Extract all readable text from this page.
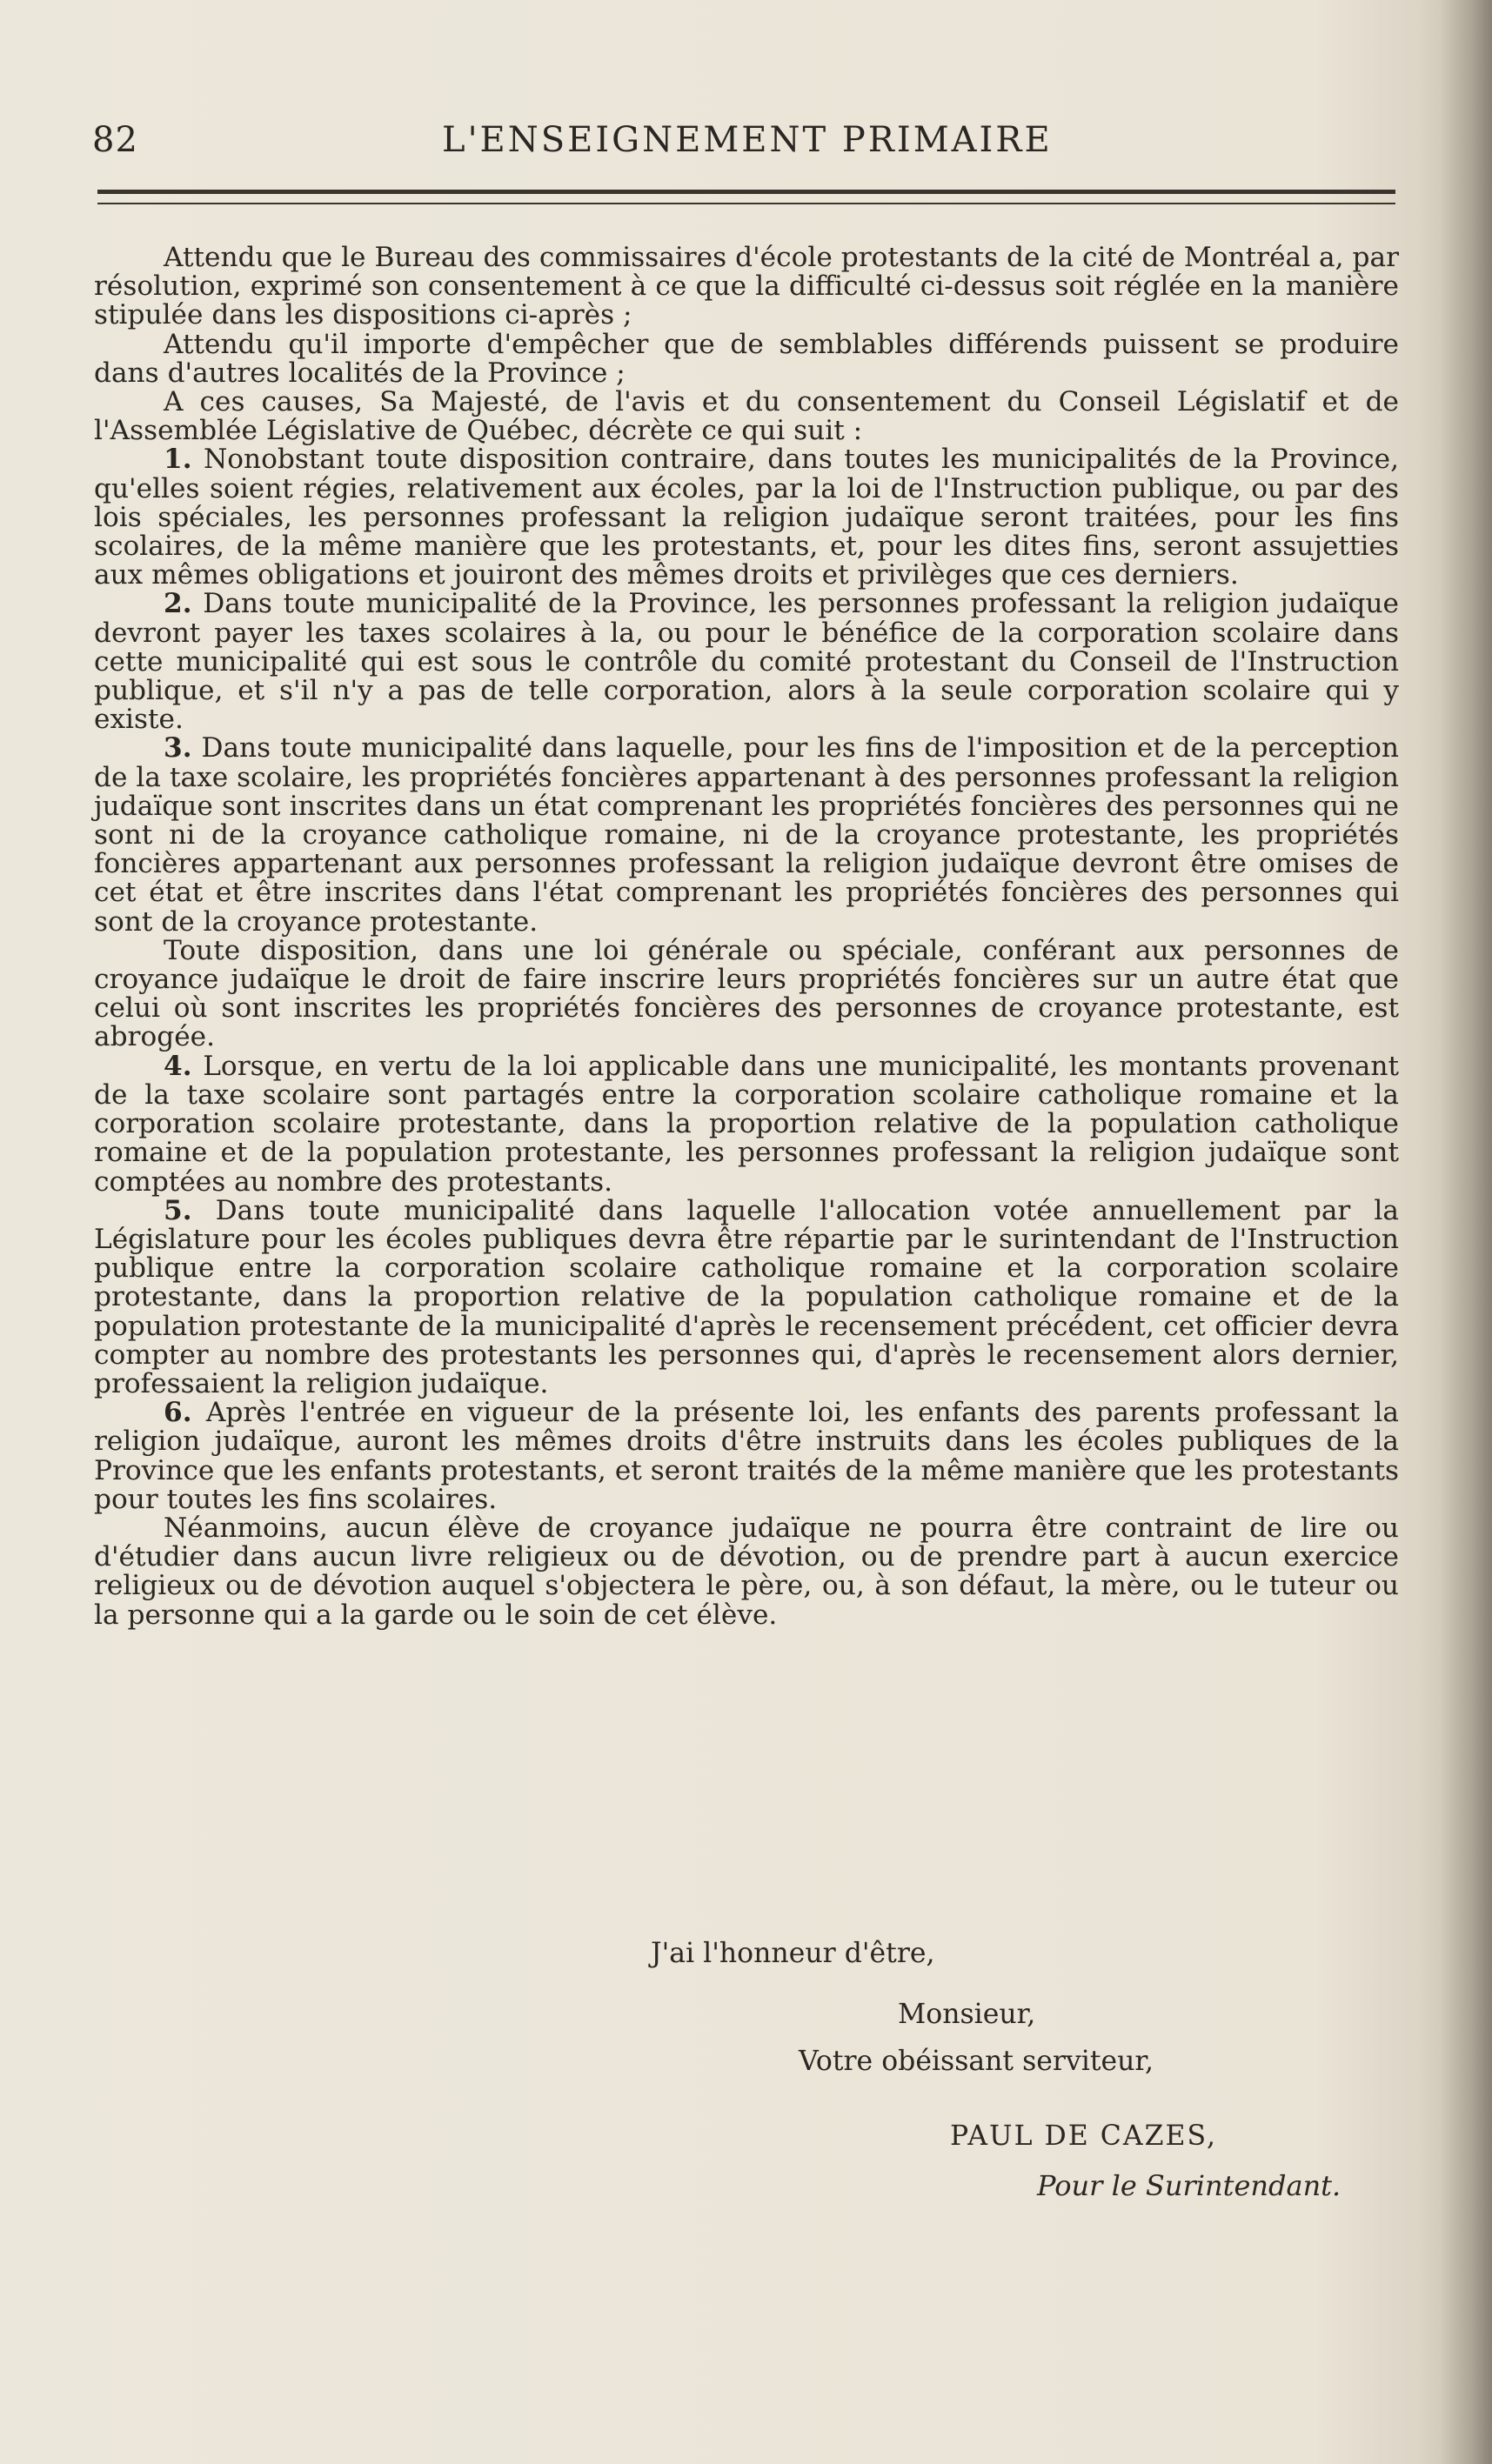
82	L'ENSEIGNEMENT PRIMAIRE

Attendu que le Bureau des commissaires d'école protestants de la cité de Montréal a, par résolution, exprimé son consentement à ce que la difficulté ci-dessus soit réglée en la manière stipulée dans les dispositions ci-après ;

Attendu qu'il importe d'empêcher que de semblables différends puissent se produire dans d'autres localités de la Province ;

A ces causes, Sa Majesté, de l'avis et du consentement du Conseil Législatif et de l'Assemblée Législative de Québec, décrète ce qui suit :

1. Nonobstant toute disposition contraire, dans toutes les municipalités de la Province, qu'elles soient régies, relativement aux écoles, par la loi de l'Instruction publique, ou par des lois spéciales, les personnes professant la religion judaïque seront traitées, pour les fins scolaires, de la même manière que les protestants, et, pour les dites fins, seront assujetties aux mêmes obligations et jouiront des mêmes droits et privilèges que ces derniers.

2. Dans toute municipalité de la Province, les personnes professant la religion judaïque devront payer les taxes scolaires à la, ou pour le bénéfice de la corporation scolaire dans cette municipalité qui est sous le contrôle du comité protestant du Conseil de l'Instruction publique, et s'il n'y a pas de telle corporation, alors à la seule corporation scolaire qui y existe.

3. Dans toute municipalité dans laquelle, pour les fins de l'imposition et de la perception de la taxe scolaire, les propriétés foncières appartenant à des personnes professant la religion judaïque sont inscrites dans un état comprenant les propriétés foncières des personnes qui ne sont ni de la croyance catholique romaine, ni de la croyance protestante, les propriétés foncières appartenant aux personnes professant la religion judaïque devront être omises de cet état et être inscrites dans l'état comprenant les propriétés foncières des personnes qui sont de la croyance protestante.

Toute disposition, dans une loi générale ou spéciale, conférant aux personnes de croyance judaïque le droit de faire inscrire leurs propriétés foncières sur un autre état que celui où sont inscrites les propriétés foncières des personnes de croyance protestante, est abrogée.

4. Lorsque, en vertu de la loi applicable dans une municipalité, les montants provenant de la taxe scolaire sont partagés entre la corporation scolaire catholique romaine et la corporation scolaire protestante, dans la proportion relative de la population catholique romaine et de la population protestante, les personnes professant la religion judaïque sont comptées au nombre des protestants.

5. Dans toute municipalité dans laquelle l'allocation votée annuellement par la Législature pour les écoles publiques devra être répartie par le surintendant de l'Instruction publique entre la corporation scolaire catholique romaine et la corporation scolaire protestante, dans la proportion relative de la population catholique romaine et de la population protestante de la municipalité d'après le recensement précédent, cet officier devra compter au nombre des protestants les personnes qui, d'après le recensement alors dernier, professaient la religion judaïque.

6. Après l'entrée en vigueur de la présente loi, les enfants des parents professant la religion judaïque, auront les mêmes droits d'être instruits dans les écoles publiques de la Province que les enfants protestants, et seront traités de la même manière que les protestants pour toutes les fins scolaires.

Néanmoins, aucun élève de croyance judaïque ne pourra être contraint de lire ou d'étudier dans aucun livre religieux ou de dévotion, ou de prendre part à aucun exercice religieux ou de dévotion auquel s'objectera le père, ou, à son défaut, la mère, ou le tuteur ou la personne qui a la garde ou le soin de cet élève.

J'ai l'honneur d'être,
Monsieur,
Votre obéissant serviteur,
PAUL DE CAZES,
Pour le Surintendant.
